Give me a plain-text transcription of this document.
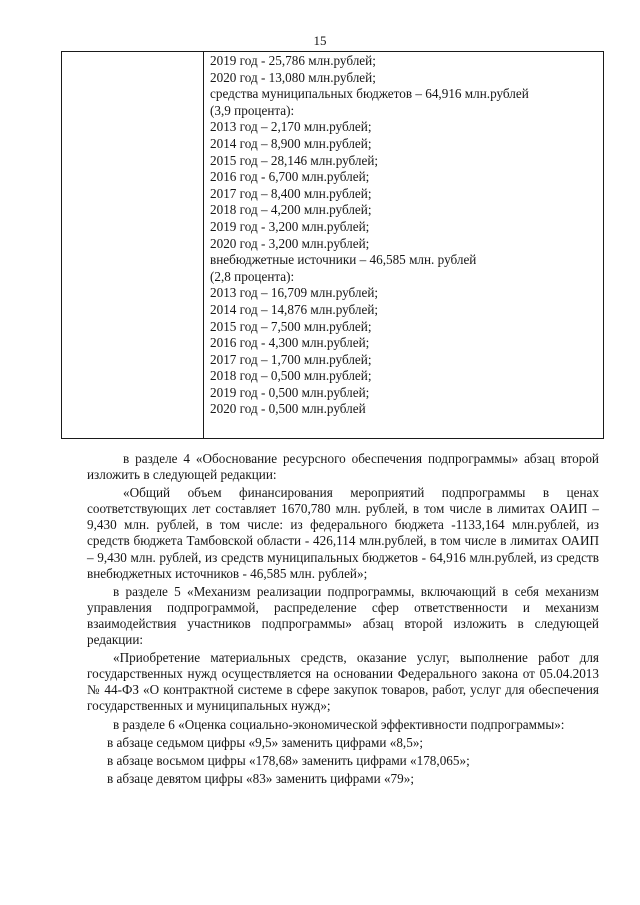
15
2019 год - 25,786 млн.рублей;
2020 год - 13,080 млн.рублей;
средства муниципальных бюджетов – 64,916 млн.рублей
(3,9 процента):
2013 год – 2,170 млн.рублей;
2014 год – 8,900 млн.рублей;
2015 год – 28,146 млн.рублей;
2016 год - 6,700 млн.рублей;
2017 год – 8,400 млн.рублей;
2018 год – 4,200 млн.рублей;
2019 год - 3,200 млн.рублей;
2020 год - 3,200 млн.рублей;
внебюджетные источники – 46,585 млн. рублей
(2,8 процента):
2013 год – 16,709 млн.рублей;
2014 год – 14,876 млн.рублей;
2015 год – 7,500 млн.рублей;
2016 год - 4,300 млн.рублей;
2017 год – 1,700 млн.рублей;
2018 год – 0,500 млн.рублей;
2019 год - 0,500 млн.рублей;
2020 год - 0,500 млн.рублей

в разделе 4 «Обоснование ресурсного обеспечения подпрограммы» абзац второй изложить в следующей редакции:

«Общий объем финансирования мероприятий подпрограммы в ценах соответствующих лет составляет 1670,780 млн. рублей, в том числе в лимитах ОАИП – 9,430 млн. рублей, в том числе: из федерального бюджета -1133,164 млн.рублей, из средств бюджета Тамбовской области - 426,114 млн.рублей, в том числе в лимитах ОАИП – 9,430 млн. рублей, из средств муниципальных бюджетов - 64,916 млн.рублей, из средств внебюджетных источников - 46,585 млн. рублей»;

в разделе 5 «Механизм реализации подпрограммы, включающий в себя механизм управления подпрограммой, распределение сфер ответственности и механизм взаимодействия участников подпрограммы» абзац второй изложить в следующей редакции:

«Приобретение материальных средств, оказание услуг, выполнение работ для государственных нужд осуществляется на основании Федерального закона от 05.04.2013 № 44-ФЗ «О контрактной системе в сфере закупок товаров, работ, услуг для обеспечения государственных и муниципальных нужд»;

в разделе 6 «Оценка социально-экономической эффективности подпрограммы»:

в абзаце седьмом цифры «9,5» заменить цифрами «8,5»;

в абзаце восьмом цифры «178,68» заменить цифрами «178,065»;

в абзаце девятом цифры «83» заменить цифрами «79»;
